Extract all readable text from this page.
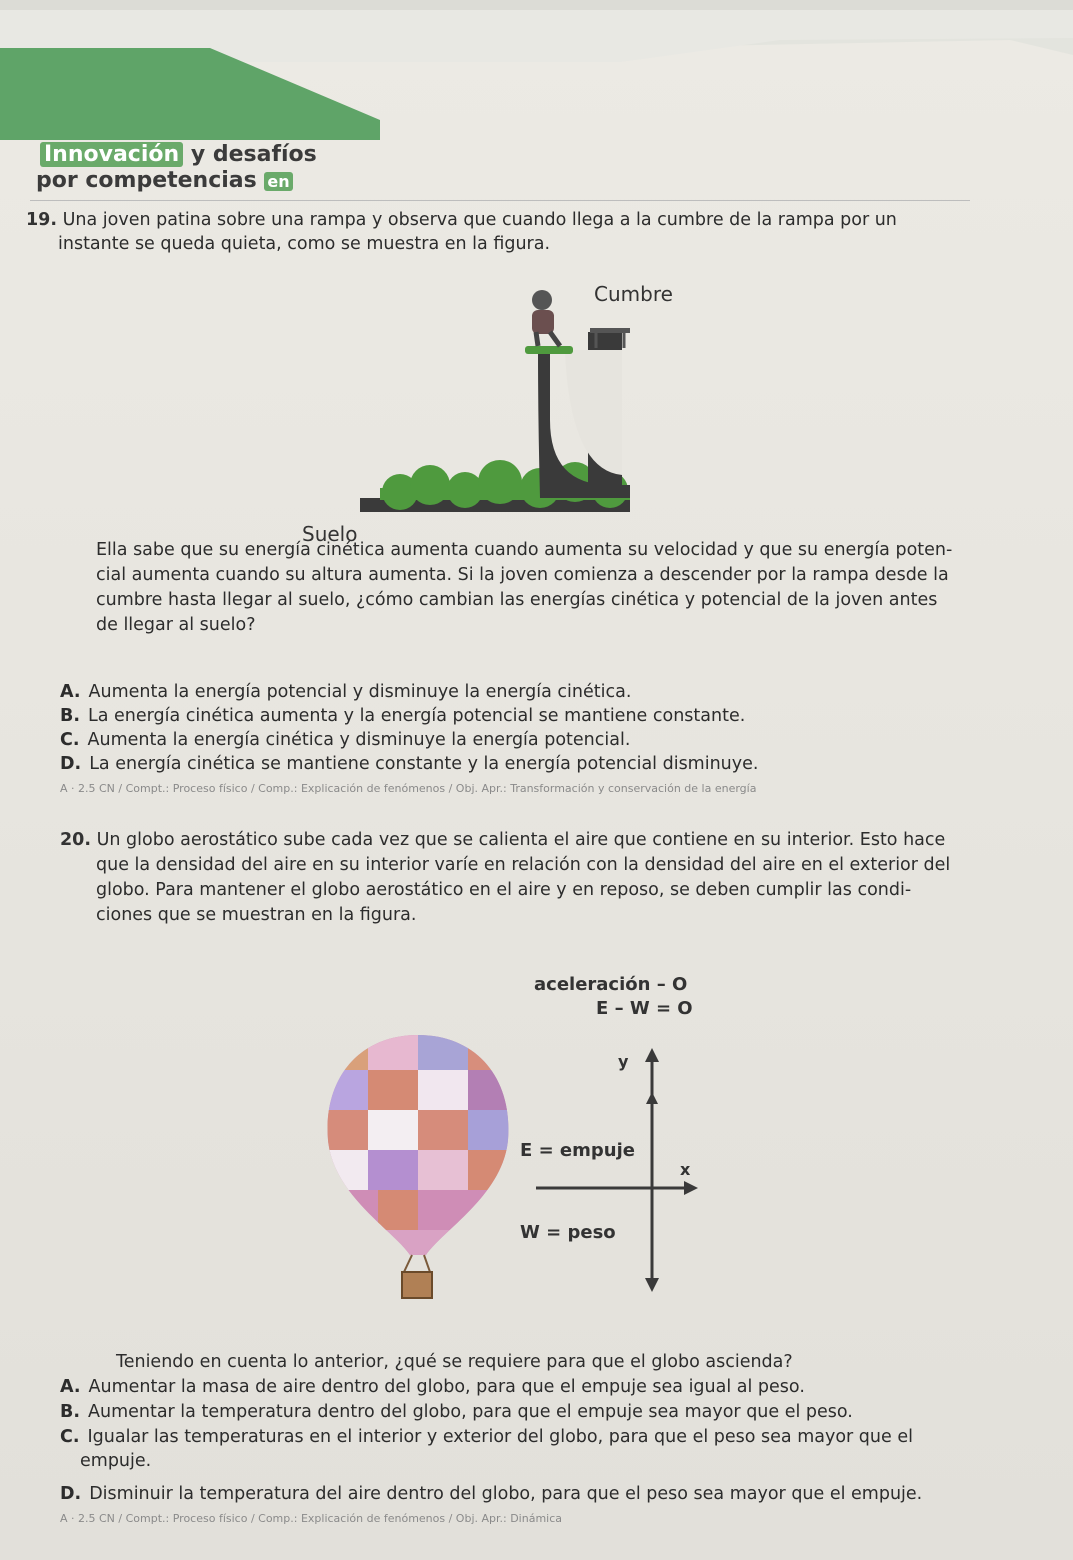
Innovación y desafíos
por competencias en
19. Una joven patina sobre una rampa y observa que cuando llega a la cumbre de la rampa por un
instante se queda quieta, como se muestra en la figura.
Cumbre
Suelo
Ella sabe que su energía cinética aumenta cuando aumenta su velocidad y que su energía poten-
cial aumenta cuando su altura aumenta. Si la joven comienza a descender por la rampa desde la
cumbre hasta llegar al suelo, ¿cómo cambian las energías cinética y potencial de la joven antes
de llegar al suelo?
A. Aumenta la energía potencial y disminuye la energía cinética.
B. La energía cinética aumenta y la energía potencial se mantiene constante.
C. Aumenta la energía cinética y disminuye la energía potencial.
D. La energía cinética se mantiene constante y la energía potencial disminuye.
A · 2.5 CN / Compt.: Proceso físico / Comp.: Explicación de fenómenos / Obj. Apr.: Transformación y conservación de la energía
20. Un globo aerostático sube cada vez que se calienta el aire que contiene en su interior. Esto hace
que la densidad del aire en su interior varíe en relación con la densidad del aire en el exterior del
globo. Para mantener el globo aerostático en el aire y en reposo, se deben cumplir las condi-
ciones que se muestran en la figura.
aceleración – O
E – W = O
y
x
E = empuje
W = peso
Teniendo en cuenta lo anterior, ¿qué se requiere para que el globo ascienda?
A. Aumentar la masa de aire dentro del globo, para que el empuje sea igual al peso.
B. Aumentar la temperatura dentro del globo, para que el empuje sea mayor que el peso.
C. Igualar las temperaturas en el interior y exterior del globo, para que el peso sea mayor que el
empuje.
D. Disminuir la temperatura del aire dentro del globo, para que el peso sea mayor que el empuje.
A · 2.5 CN / Compt.: Proceso físico / Comp.: Explicación de fenómenos / Obj. Apr.: Dinámica
